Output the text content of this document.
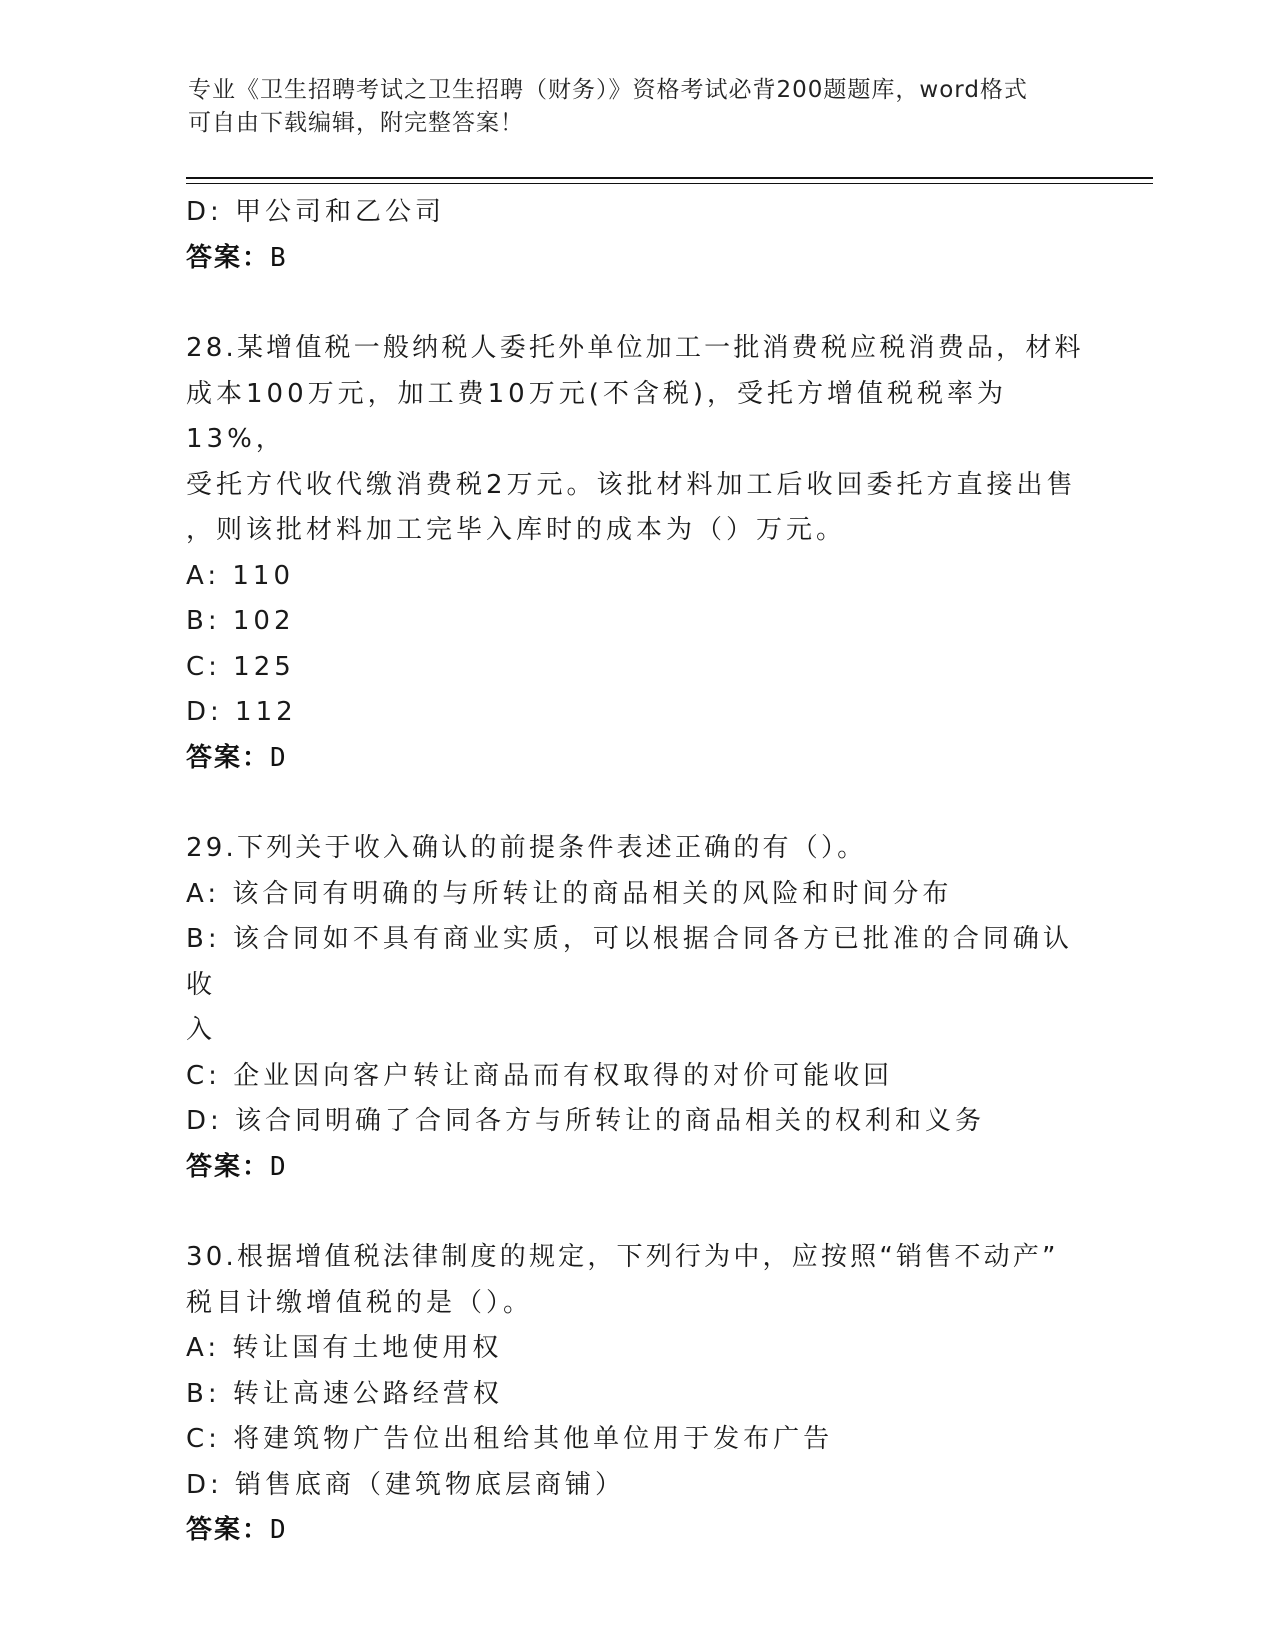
专业《卫生招聘考试之卫生招聘（财务）》资格考试必背200题题库，word格式
可自由下载编辑，附完整答案！
D: 甲公司和乙公司
答案：B
28.某增值税一般纳税人委托外单位加工一批消费税应税消费品，材料
成本100万元，加工费10万元(不含税)，受托方增值税税率为13%，
受托方代收代缴消费税2万元。该批材料加工后收回委托方直接出售
，则该批材料加工完毕入库时的成本为（）万元。
A: 110
B: 102
C: 125
D: 112
答案：D
29.下列关于收入确认的前提条件表述正确的有（）。
A: 该合同有明确的与所转让的商品相关的风险和时间分布
B: 该合同如不具有商业实质，可以根据合同各方已批准的合同确认收
入
C: 企业因向客户转让商品而有权取得的对价可能收回
D: 该合同明确了合同各方与所转让的商品相关的权利和义务
答案：D
30.根据增值税法律制度的规定，下列行为中，应按照“销售不动产”
税目计缴增值税的是（）。
A: 转让国有土地使用权
B: 转让高速公路经营权
C: 将建筑物广告位出租给其他单位用于发布广告
D: 销售底商（建筑物底层商铺）
答案：D
